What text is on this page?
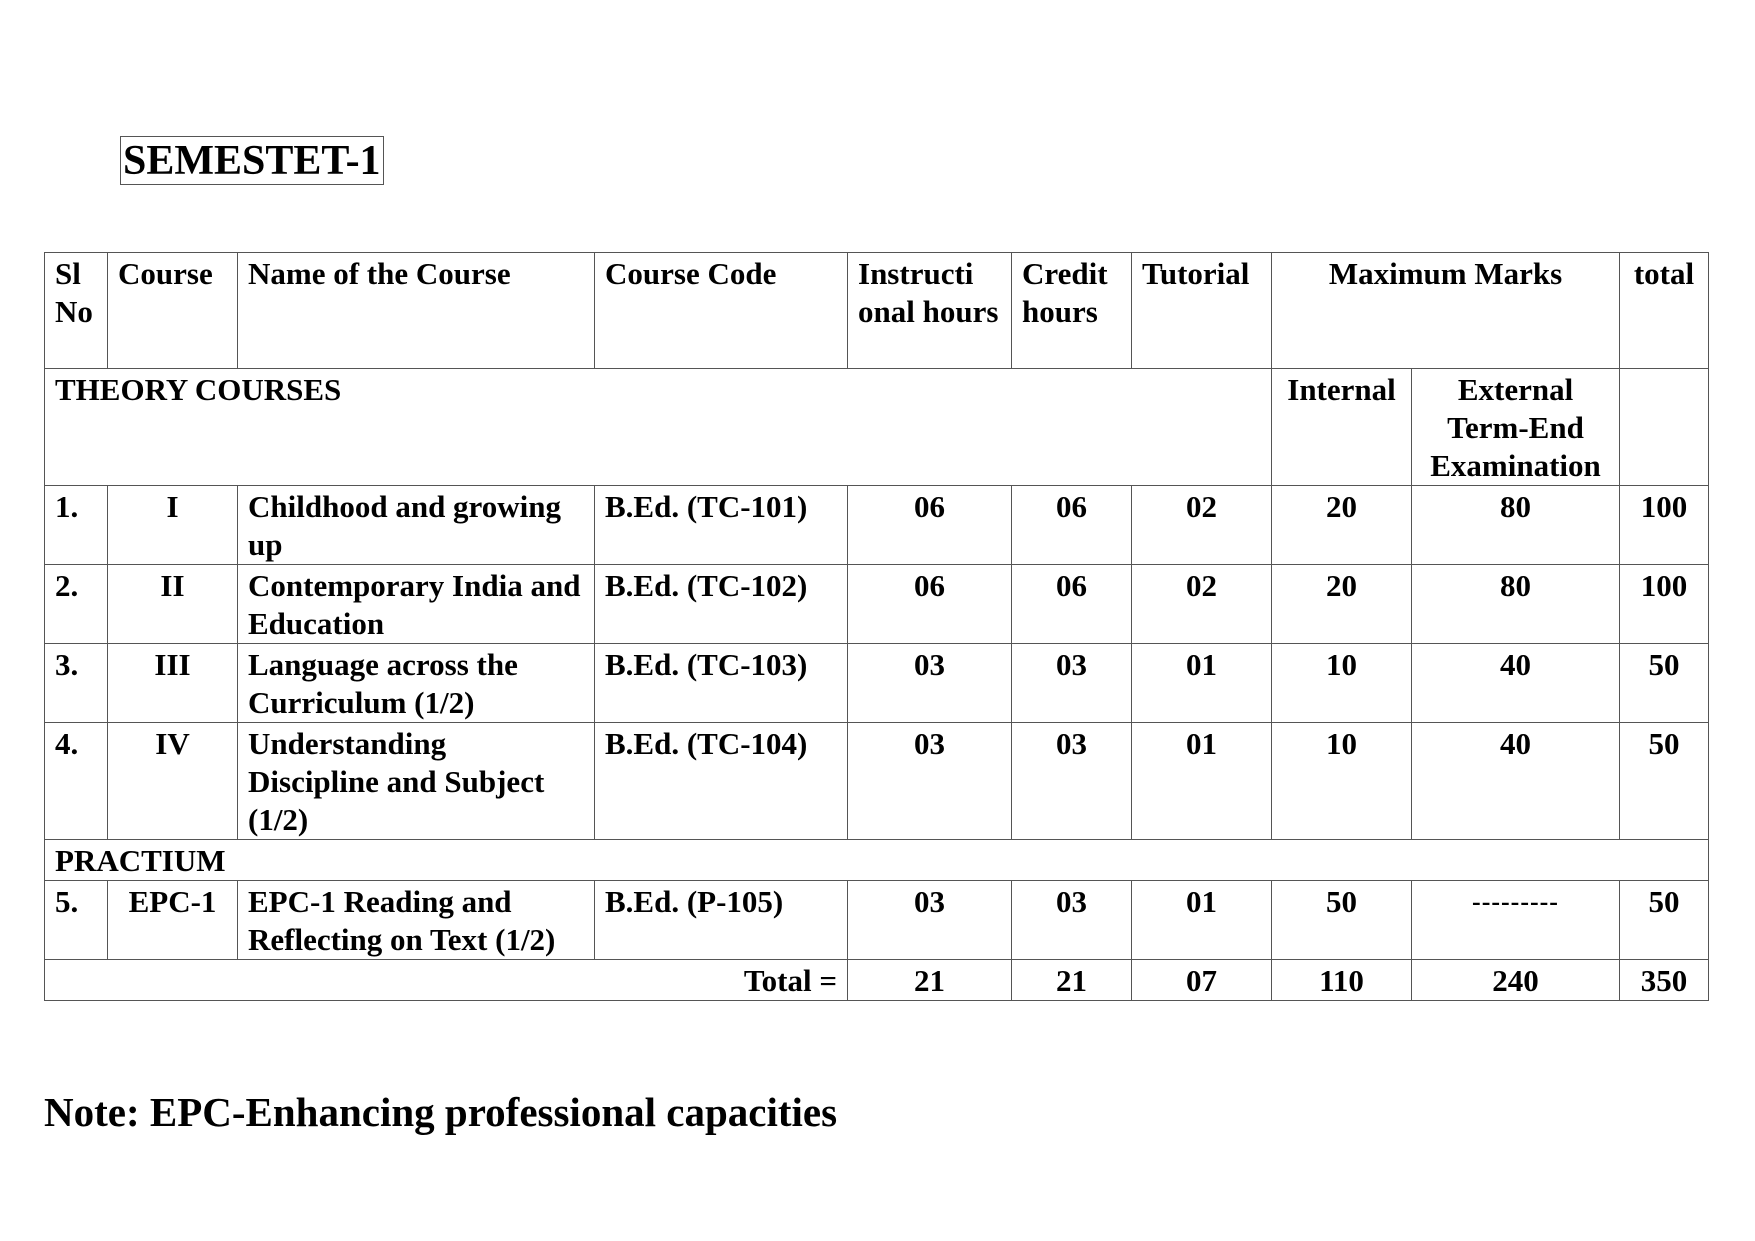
SEMESTET-1
Sl No	Course	Name of the Course	Course Code	Instructi onal hours	Credit hours	Tutorial	Maximum Marks		total
THEORY COURSES							Internal	External Term-End Examination	
1.	I	Childhood and growing up	B.Ed. (TC-101)	06	06	02	20	80	100
2.	II	Contemporary India and Education	B.Ed. (TC-102)	06	06	02	20	80	100
3.	III	Language across the Curriculum (1/2)	B.Ed. (TC-103)	03	03	01	10	40	50
4.	IV	Understanding Discipline and Subject (1/2)	B.Ed. (TC-104)	03	03	01	10	40	50
PRACTIUM									
5.	EPC-1	EPC-1 Reading and Reflecting on Text (1/2)	B.Ed. (P-105)	03	03	01	50	---------	50
Total =				21	21	07	110	240	350
Note: EPC-Enhancing professional capacities
